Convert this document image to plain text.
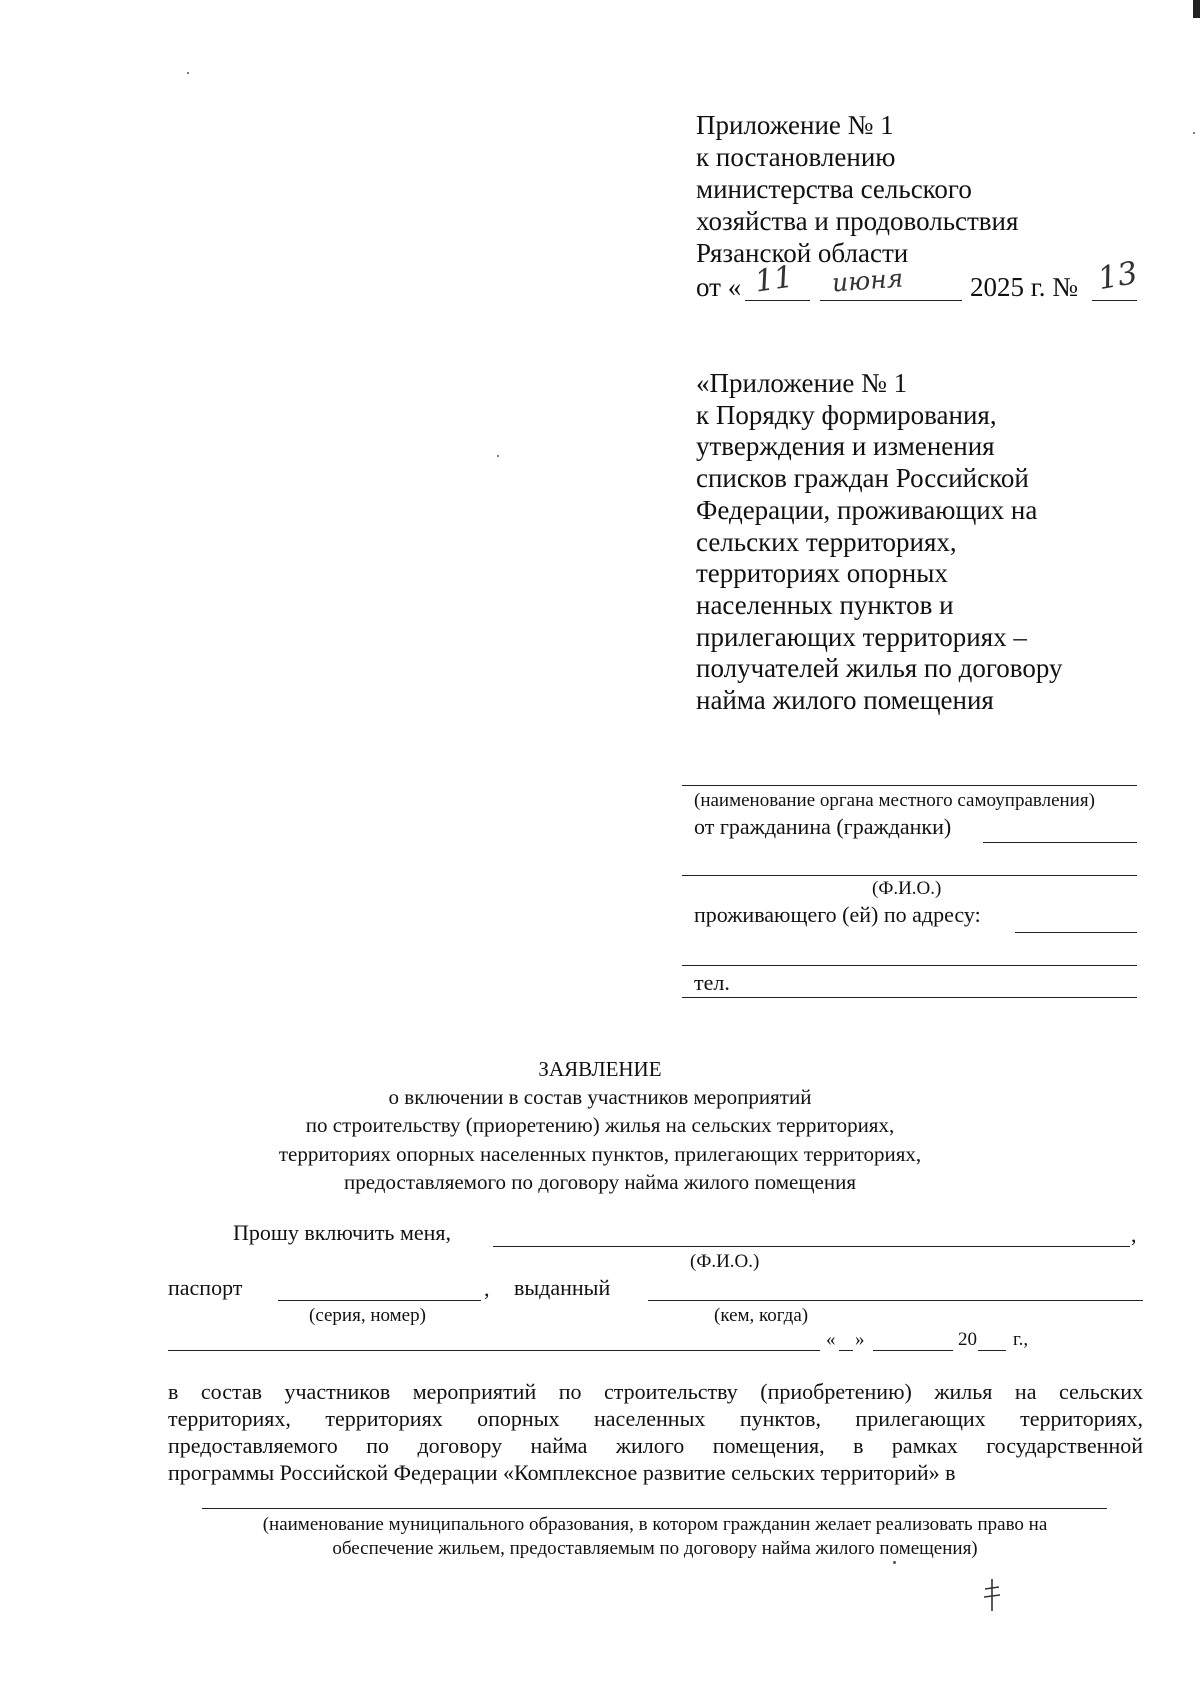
Приложение № 1
к постановлению
министерства сельского
хозяйства и продовольствия
Рязанской области
от « 11 июня 2025 г. № 13
«Приложение № 1
к Порядку формирования,
утверждения и изменения
списков граждан Российской
Федерации, проживающих на
сельских территориях,
территориях опорных
населенных пунктов и
прилегающих территориях –
получателей жилья по договору
найма жилого помещения
(наименование органа местного самоуправления)
от гражданина (гражданки)
(Ф.И.О.)
проживающего (ей) по адресу:
тел.
ЗАЯВЛЕНИЕ
о включении в состав участников мероприятий
по строительству (приоретению) жилья на сельских территориях,
территориях опорных населенных пунктов, прилегающих территориях,
предоставляемого по договору найма жилого помещения
Прошу включить меня,	,
(Ф.И.О.)
паспорт	, выданный
(серия, номер)	(кем, когда)
« »	20 г.,
в состав участников мероприятий по строительству (приобретению) жилья на сельских
территориях, территориях опорных населенных пунктов, прилегающих территориях,
предоставляемого по договору найма жилого помещения, в рамках государственной
программы Российской Федерации «Комплексное развитие сельских территорий» в
(наименование муниципального образования, в котором гражданин желает реализовать право на
обеспечение жильем, предоставляемым по договору найма жилого помещения)
